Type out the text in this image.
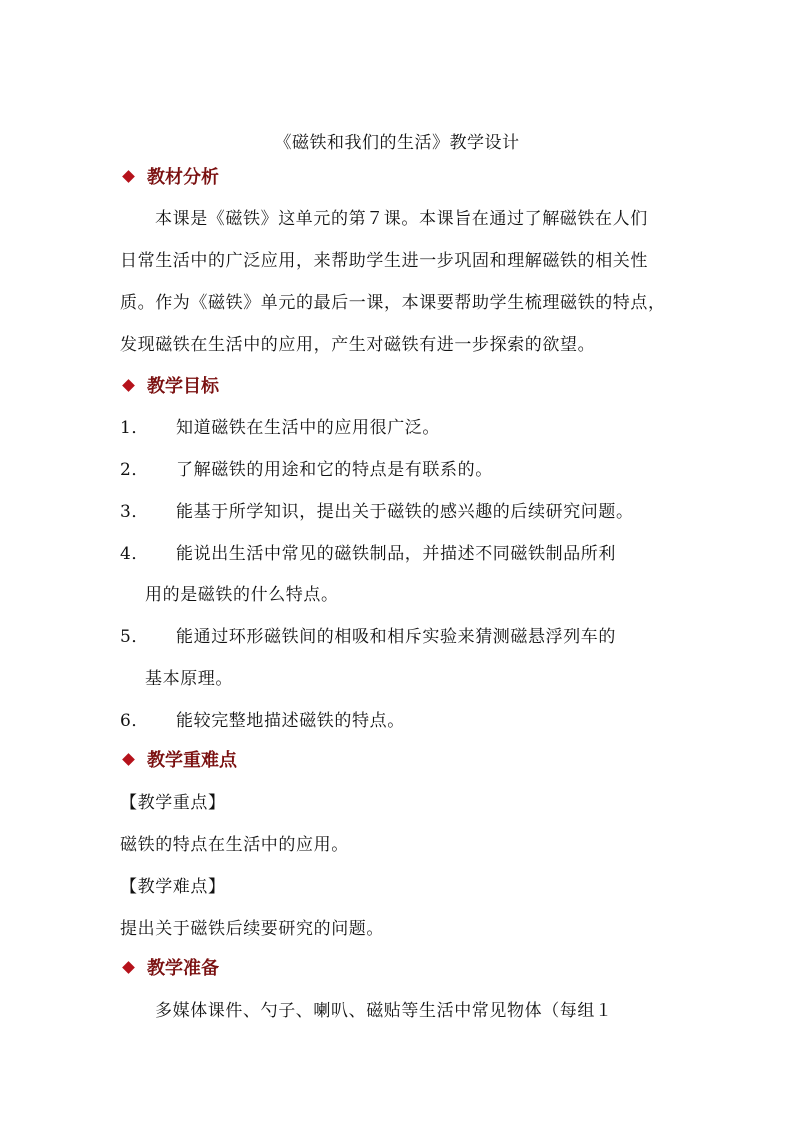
《磁铁和我们的生活》教学设计
教材分析
本课是《磁铁》这单元的第７课。本课旨在通过了解磁铁在人们
日常生活中的广泛应用，来帮助学生进一步巩固和理解磁铁的相关性
质。作为《磁铁》单元的最后一课，本课要帮助学生梳理磁铁的特点，
发现磁铁在生活中的应用，产生对磁铁有进一步探索的欲望。
教学目标
1． 知道磁铁在生活中的应用很广泛。
2． 了解磁铁的用途和它的特点是有联系的。
3． 能基于所学知识，提出关于磁铁的感兴趣的后续研究问题。
4． 能说出生活中常见的磁铁制品，并描述不同磁铁制品所利
用的是磁铁的什么特点。
5． 能通过环形磁铁间的相吸和相斥实验来猜测磁悬浮列车的
基本原理。
6． 能较完整地描述磁铁的特点。
教学重难点
【教学重点】
磁铁的特点在生活中的应用。
【教学难点】
提出关于磁铁后续要研究的问题。
教学准备
多媒体课件、勺子、喇叭、磁贴等生活中常见物体（每组１
